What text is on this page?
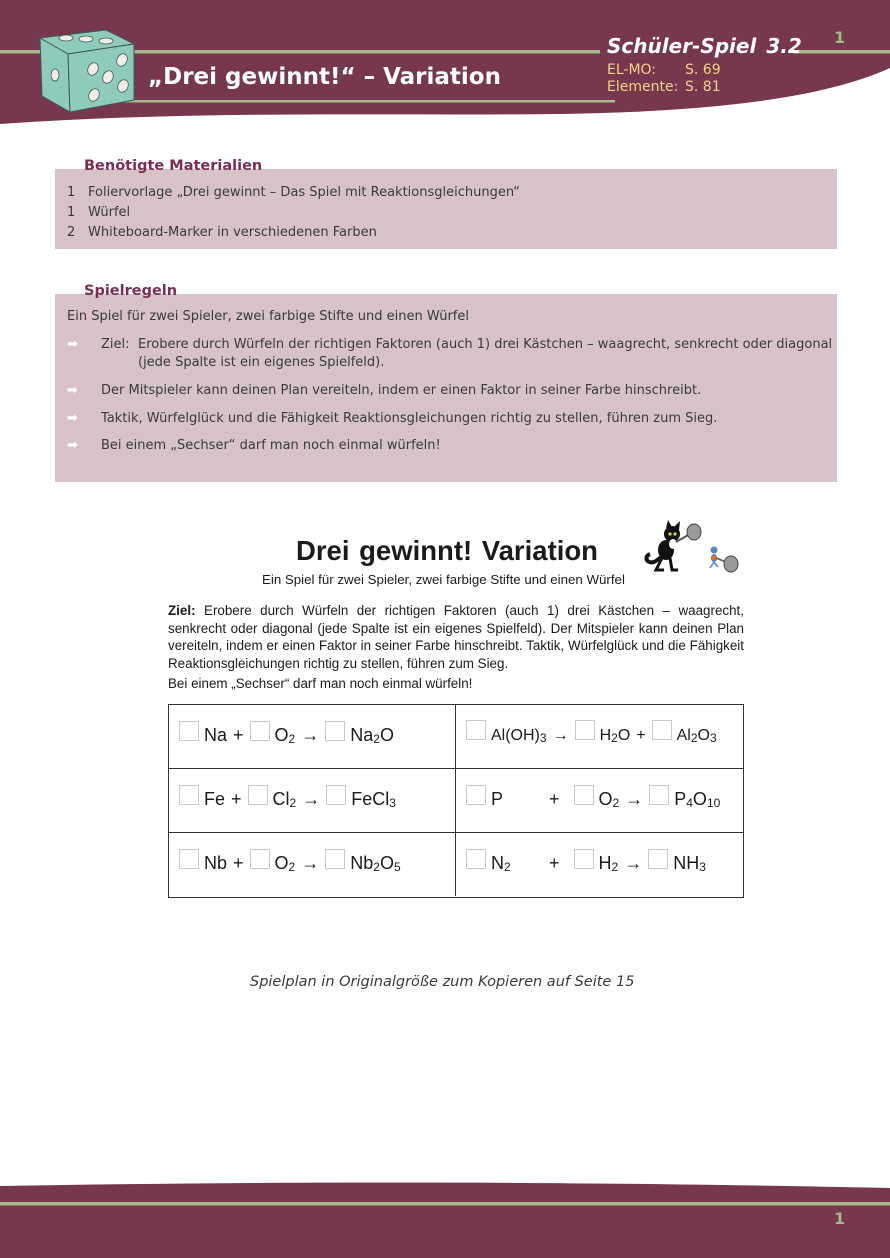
„Drei gewinnt!“ – Variation
Schüler-Spiel 3.2 1
EL-MO: S. 69
Elemente: S. 81
1 Foliervorlage „Drei gewinnt – Das Spiel mit Reaktionsgleichungen“
1 Würfel
2 Whiteboard-Marker in verschiedenen Farben
Benötigte Materialien
Ein Spiel für zwei Spieler, zwei farbige Stifte und einen Würfel
➡	Ziel: Erobere durch Würfeln der richtigen Faktoren (auch 1) drei Kästchen – waagrecht, senkrecht oder diagonal
(jede Spalte ist ein eigenes Spielfeld).
➡	Der Mitspieler kann deinen Plan vereiteln, indem er einen Faktor in seiner Farbe hinschreibt.
➡	Taktik, Würfelglück und die Fähigkeit Reaktionsgleichungen richtig zu stellen, führen zum Sieg.
➡	Bei einem „Sechser“ darf man noch einmal würfeln!
Spielregeln
Drei gewinnt! Variation
Ein Spiel für zwei Spieler, zwei farbige Stifte und einen Würfel
Ziel: Erobere durch Würfeln der richtigen Faktoren (auch 1) drei Kästchen – waagrecht, senkrecht oder diagonal (jede Spalte ist ein eigenes Spielfeld). Der Mitspieler kann deinen Plan vereiteln, indem er einen Faktor in seiner Farbe hinschreibt. Taktik, Würfelglück und die Fähigkeit Reaktionsgleichungen richtig zu stellen, führen zum Sieg.
Bei einem „Sechser“ darf man noch einmal würfeln!
$Na + O_2 \to Na_2O$	$Al(OH)_3 \to H_2O + Al_2O_3$
$Fe + Cl_2$ → FeCl$_3$	P	+ $O_2 \to P_4O_{10}$
$Nb + O_2 \to Nb_2O_5$	$N_2$	+ $H_2 \to NH_3$
Spielplan in Originalgröße zum Kopieren auf Seite 15
1
